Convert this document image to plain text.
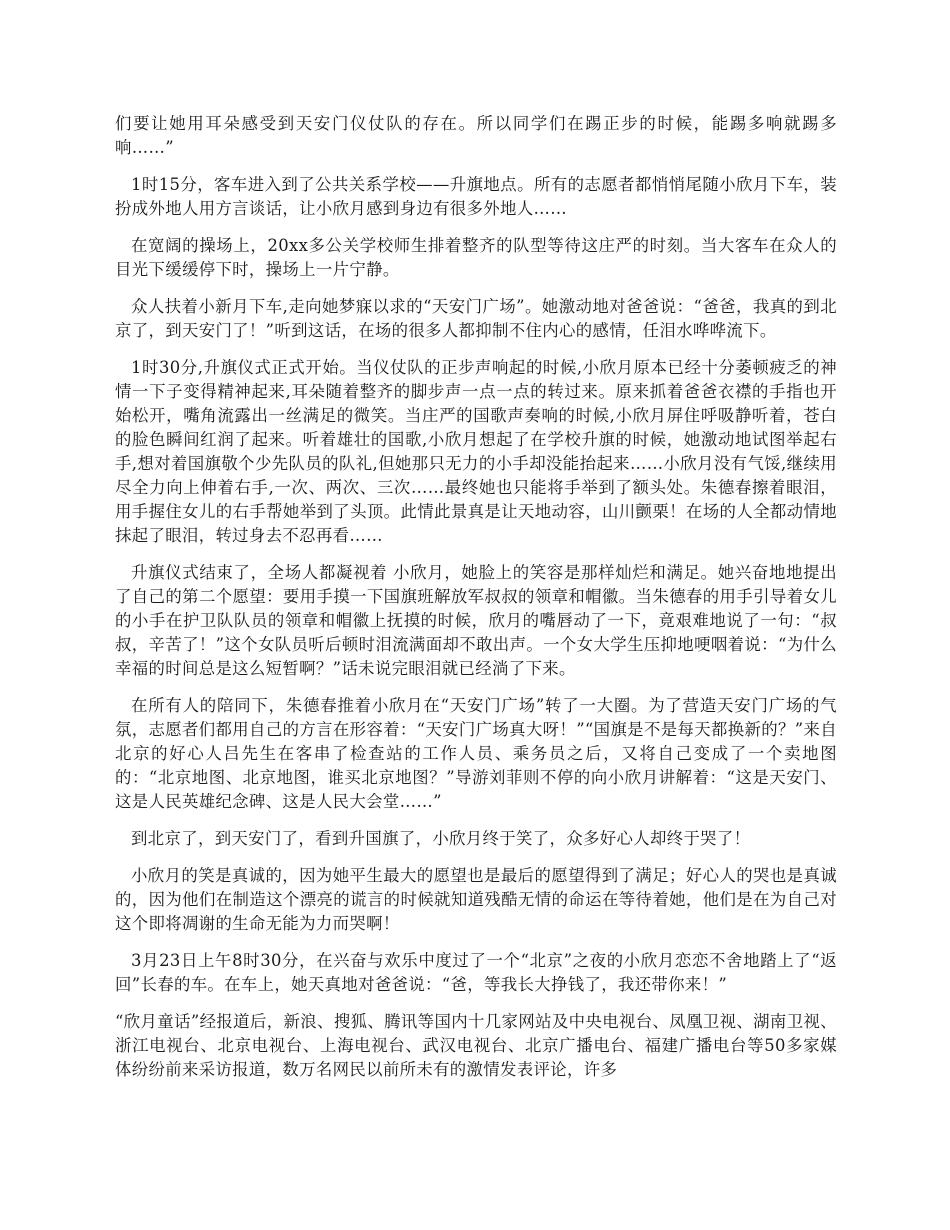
们要让她用耳朵感受到天安门仪仗队的存在。所以同学们在踢正步的时候，能踢多响就踢多响……”

1时15分，客车进入到了公共关系学校——升旗地点。所有的志愿者都悄悄尾随小欣月下车，装扮成外地人用方言谈话，让小欣月感到身边有很多外地人……

在宽阔的操场上，20xx多公关学校师生排着整齐的队型等待这庄严的时刻。当大客车在众人的目光下缓缓停下时，操场上一片宁静。

众人扶着小新月下车,走向她梦寐以求的“天安门广场”。她激动地对爸爸说：“爸爸，我真的到北京了，到天安门了！”听到这话，在场的很多人都抑制不住内心的感情，任泪水哗哗流下。

1时30分,升旗仪式正式开始。当仪仗队的正步声响起的时候,小欣月原本已经十分萎顿疲乏的神情一下子变得精神起来,耳朵随着整齐的脚步声一点一点的转过来。原来抓着爸爸衣襟的手指也开始松开，嘴角流露出一丝满足的微笑。当庄严的国歌声奏响的时候,小欣月屏住呼吸静听着，苍白的脸色瞬间红润了起来。听着雄壮的国歌,小欣月想起了在学校升旗的时候，她激动地试图举起右手,想对着国旗敬个少先队员的队礼,但她那只无力的小手却没能抬起来……小欣月没有气馁,继续用尽全力向上伸着右手,一次、两次、三次……最终她也只能将手举到了额头处。朱德春擦着眼泪，用手握住女儿的右手帮她举到了头顶。此情此景真是让天地动容，山川颤栗！在场的人全都动情地抹起了眼泪，转过身去不忍再看……

升旗仪式结束了，全场人都凝视着 小欣月，她脸上的笑容是那样灿烂和满足。她兴奋地地提出了自己的第二个愿望：要用手摸一下国旗班解放军叔叔的领章和帽徽。当朱德春的用手引导着女儿的小手在护卫队队员的领章和帽徽上抚摸的时候，欣月的嘴唇动了一下，竟艰难地说了一句：“叔叔，辛苦了！”这个女队员听后顿时泪流满面却不敢出声。一个女大学生压抑地哽咽着说：“为什么幸福的时间总是这么短暂啊？”话未说完眼泪就已经淌了下来。

在所有人的陪同下，朱德春推着小欣月在“天安门广场”转了一大圈。为了营造天安门广场的气氛，志愿者们都用自己的方言在形容着：“天安门广场真大呀！”“国旗是不是每天都换新的？”来自北京的好心人吕先生在客串了检查站的工作人员、乘务员之后，又将自己变成了一个卖地图的：“北京地图、北京地图，谁买北京地图？”导游刘菲则不停的向小欣月讲解着：“这是天安门、这是人民英雄纪念碑、这是人民大会堂……”

到北京了，到天安门了，看到升国旗了，小欣月终于笑了，众多好心人却终于哭了！

小欣月的笑是真诚的，因为她平生最大的愿望也是最后的愿望得到了满足；好心人的哭也是真诚的，因为他们在制造这个漂亮的谎言的时候就知道残酷无情的命运在等待着她，他们是在为自己对这个即将凋谢的生命无能为力而哭啊！

3月23日上午8时30分，在兴奋与欢乐中度过了一个“北京”之夜的小欣月恋恋不舍地踏上了“返回”长春的车。在车上，她天真地对爸爸说：“爸，等我长大挣钱了，我还带你来！”

“欣月童话”经报道后，新浪、搜狐、腾讯等国内十几家网站及中央电视台、凤凰卫视、湖南卫视、浙江电视台、北京电视台、上海电视台、武汉电视台、北京广播电台、福建广播电台等50多家媒体纷纷前来采访报道，数万名网民以前所未有的激情发表评论，许多
